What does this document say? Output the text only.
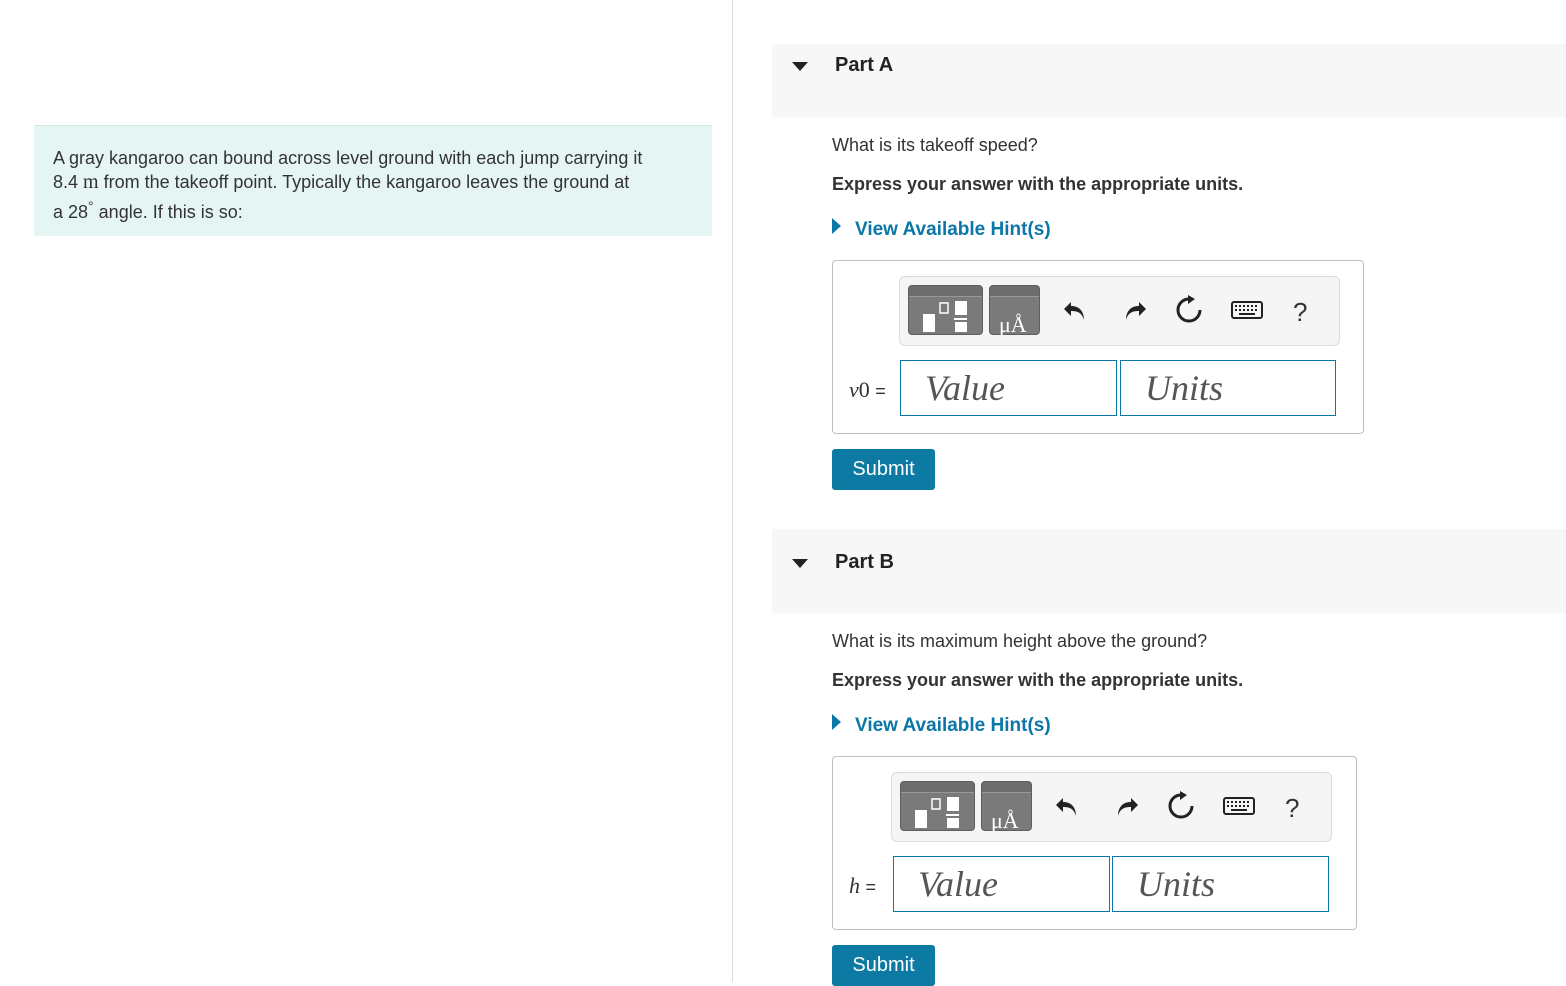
A gray kangaroo can bound across level ground with each jump carrying it
8.4 m from the takeoff point. Typically the kangaroo leaves the ground at
a 28° angle. If this is so:
Part A
What is its takeoff speed?
Express your answer with the appropriate units.
View Available Hint(s)
μÅ	?
v0 =
Value
Units
Submit
Part B
What is its maximum height above the ground?
Express your answer with the appropriate units.
View Available Hint(s)
μÅ	?
h =
Value
Units
Submit
